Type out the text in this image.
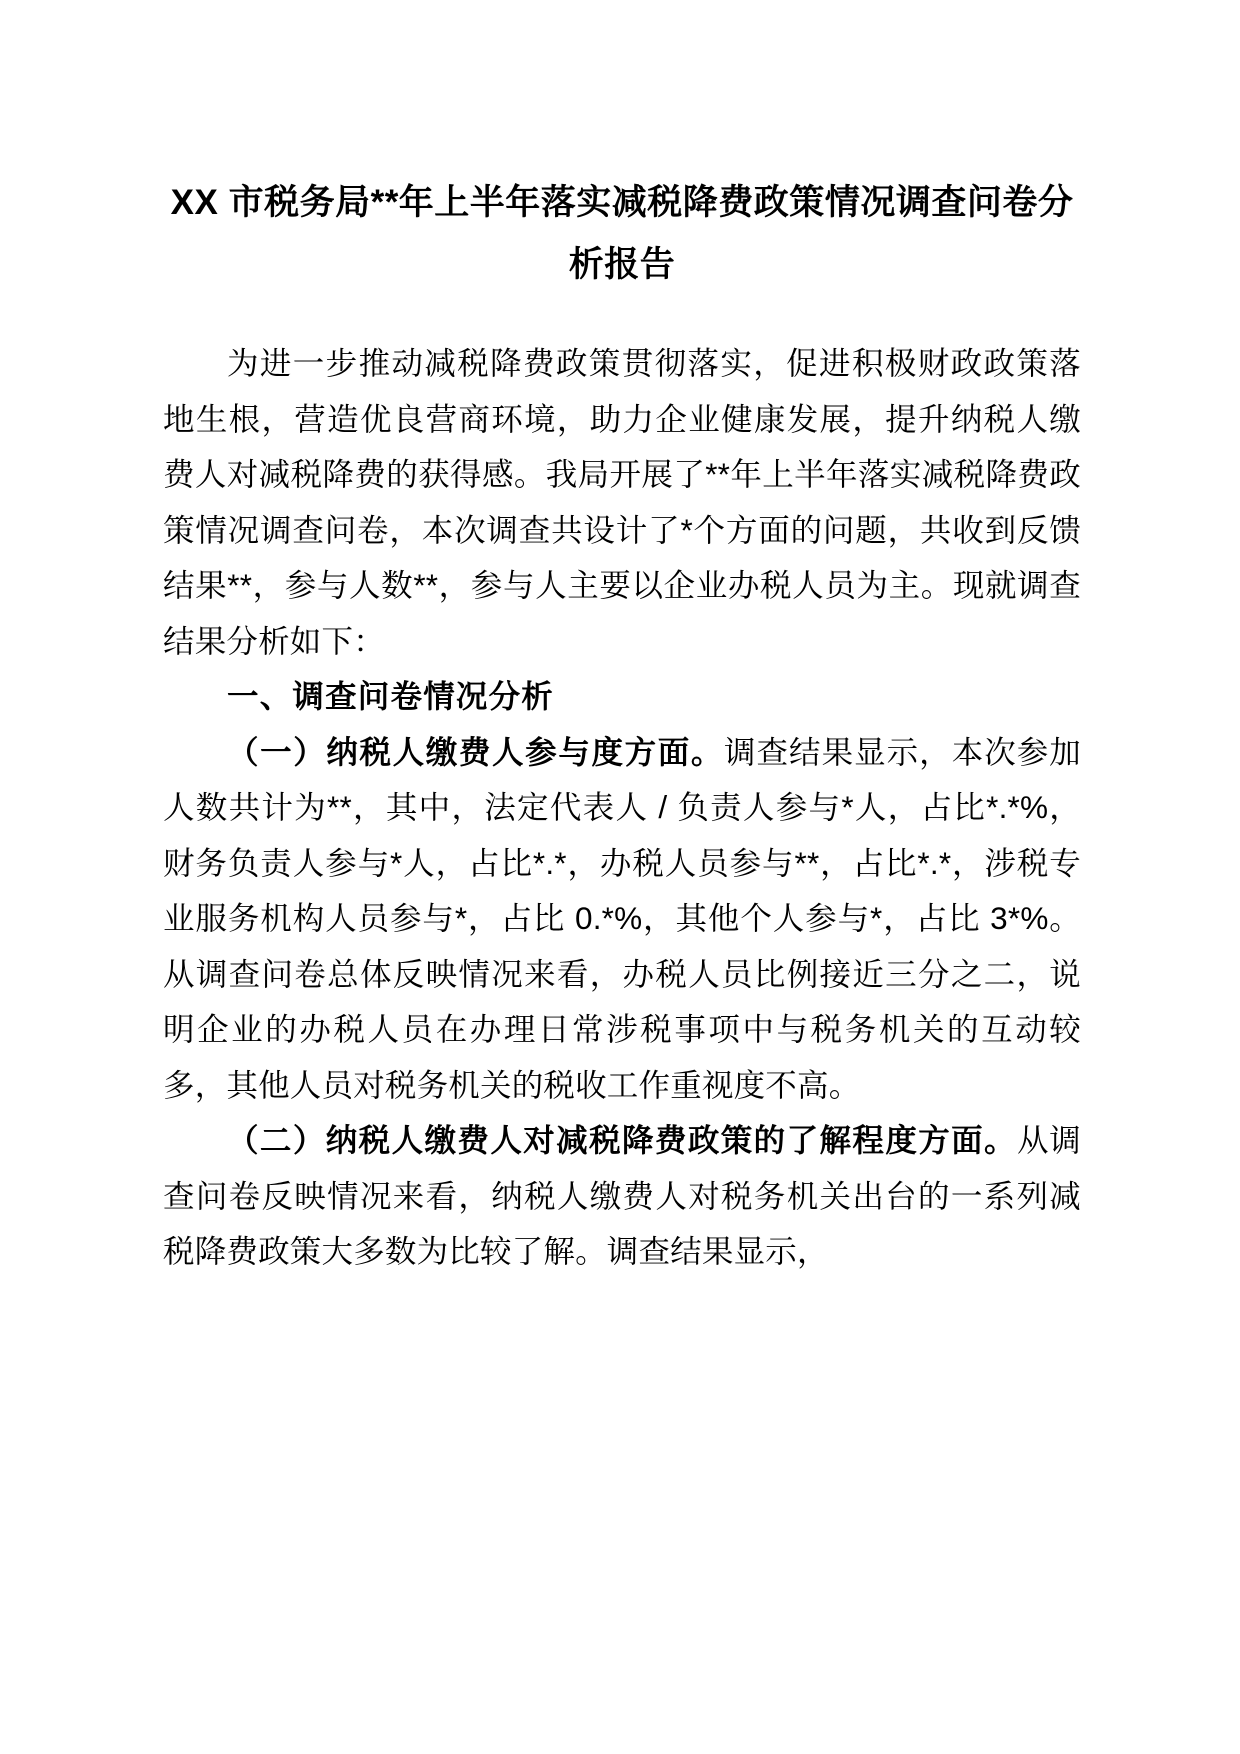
XX 市税务局**年上半年落实减税降费政策情况调查问卷分析报告

为进一步推动减税降费政策贯彻落实，促进积极财政政策落地生根，营造优良营商环境，助力企业健康发展，提升纳税人缴费人对减税降费的获得感。我局开展了**年上半年落实减税降费政策情况调查问卷，本次调查共设计了*个方面的问题，共收到反馈结果**，参与人数**，参与人主要以企业办税人员为主。现就调查结果分析如下：

一、调查问卷情况分析

（一）纳税人缴费人参与度方面。调查结果显示，本次参加人数共计为**，其中，法定代表人 / 负责人参与*人，占比*.*%，财务负责人参与*人，占比*.*，办税人员参与**，占比*.*，涉税专业服务机构人员参与*，占比 0.*%，其他个人参与*，占比 3*%。从调查问卷总体反映情况来看，办税人员比例接近三分之二，说明企业的办税人员在办理日常涉税事项中与税务机关的互动较多，其他人员对税务机关的税收工作重视度不高。

（二）纳税人缴费人对减税降费政策的了解程度方面。从调查问卷反映情况来看，纳税人缴费人对税务机关出台的一系列减税降费政策大多数为比较了解。调查结果显示，
